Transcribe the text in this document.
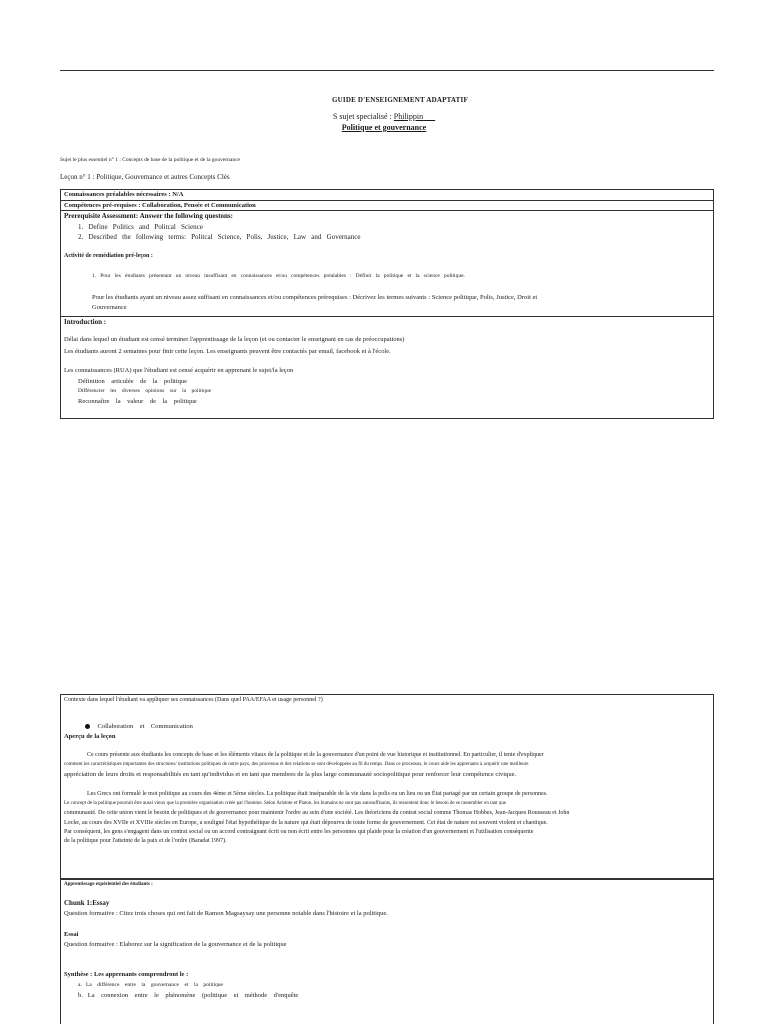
GUIDE D'ENSEIGNEMENT ADAPTATIF
S sujet specialisé : Philippin
Politique et gouvernance
Sujet le plus essentiel n° 1 : Concepts de base de la politique et de la gouvernance
Leçon n° 1 : Politique, Gouvernance et autres Concepts Clés
Connaissances préalables nécessaires : N/A
Compétences pré-requises : Collaboration, Pensée et Communication
Prerequisite Assessment: Answer the following questons:
1.   Define   Politics   and   Politcal   Science
2.   Described   the   following   terms:   Politcal   Science,   Polis,   Justice,   Law   and   Governance
Activité de remédiation pré-leçon :
1.   Pour   les   étudiants   présentant   un   niveau   insuffisant   en   connaissances   et/ou   compétences   préalables   :   Définir   la   politique   et   la   science   politique.
Pour les étudiants ayant un niveau assez suffisant en connaissances et/ou compétences prérequises : Décrivez les termes suivants : Science politique, Polis, Justice, Droit et
Gouvernance
Introduction :
Délai dans lequel un étudiant est censé terminer l'apprentissage de la leçon (et ou contacter le enseignant en cas de préoccupations)
Les étudiants auront 2 semaines pour finir cette leçon. Les enseignants peuvent être contactés par email, facebook et à l'école.
Les connaissances (RUA) que l'étudiant est censé acquérir en apprenant le sujet/la leçon
Définition    articulée    de    la    politique
Différencier    les    diverses    opinions    sur    la    politique
Reconnaître    la    valeur    de    la    politique
Contexte dans lequel l'étudiant va appliquer ses connaissances (Dans quel PAA/EFAA et usage personnel ?)

Collaboration    et    Communication

Aperçu de la leçon
Ce cours présente aux étudiants les concepts de base et les éléments vitaux de la politique et de la gouvernance d'un point de vue historique et institutionnel. En particulier, il tente d'expliquer
comment les caractéristiques importantes des structures/ institutions politiques de notre pays, des processus et des relations se sont développées au fil du temps. Dans ce processus, le cours aide les apprenants à acquérir une meilleure
appréciation de leurs droits et responsabilités en tant qu'individus et en tant que membres de la plus large communauté sociopolitique pour renforcer leur compétence civique.
Les Grecs ont formulé le mot politique au cours des 4ème et 5ème siècles. La politique était inséparable de la vie dans la polis ou un lieu ou un État partagé par un certain groupe de personnes.
Le concept de la politique pourrait être aussi vieux que la première organisation créée par l'homme. Selon Aristote et Platon, les humains ne sont pas autosuffisants, ils ressentent donc le besoin de se rassembler en tant que
communauté. De cette union vient le besoin de politiques et de gouvernance pour maintenir l'ordre au sein d'une société. Les théoriciens du contrat social comme Thomas Hobbes, Jean-Jacques Rousseau et John
Locke, au cours des XVIIe et XVIIIe siècles en Europe, a souligné l'état hypothétique de la nature qui était dépourvu de toute forme de gouvernement. Cet état de nature est souvent violent et chaotique.
Par conséquent, les gens s'engagent dans un contrat social ou un accord contraignant écrit ou non écrit entre les personnes qui plaide pour la création d'un gouvernement et l'utilisation conséquente
de la politique pour l'atteinte de la paix et de l'ordre (Baradat 1997).
Apprentissage expérientiel des étudiants :
Chunk 1:Essay
Question formative : Citez trois choses qui ont fait de Ramon Magsaysay une personne notable dans l'histoire et la politique.
Essai
Question formative : Elaborez sur la signification de la gouvernance et de la politique
Synthèse : Les apprenants comprendront le :
a.   La    différence    entre    la    gouvernance    et    la    politique
b.   La    connexion    entre    le    phénomène    (politique    et    méthode    d'enquête
